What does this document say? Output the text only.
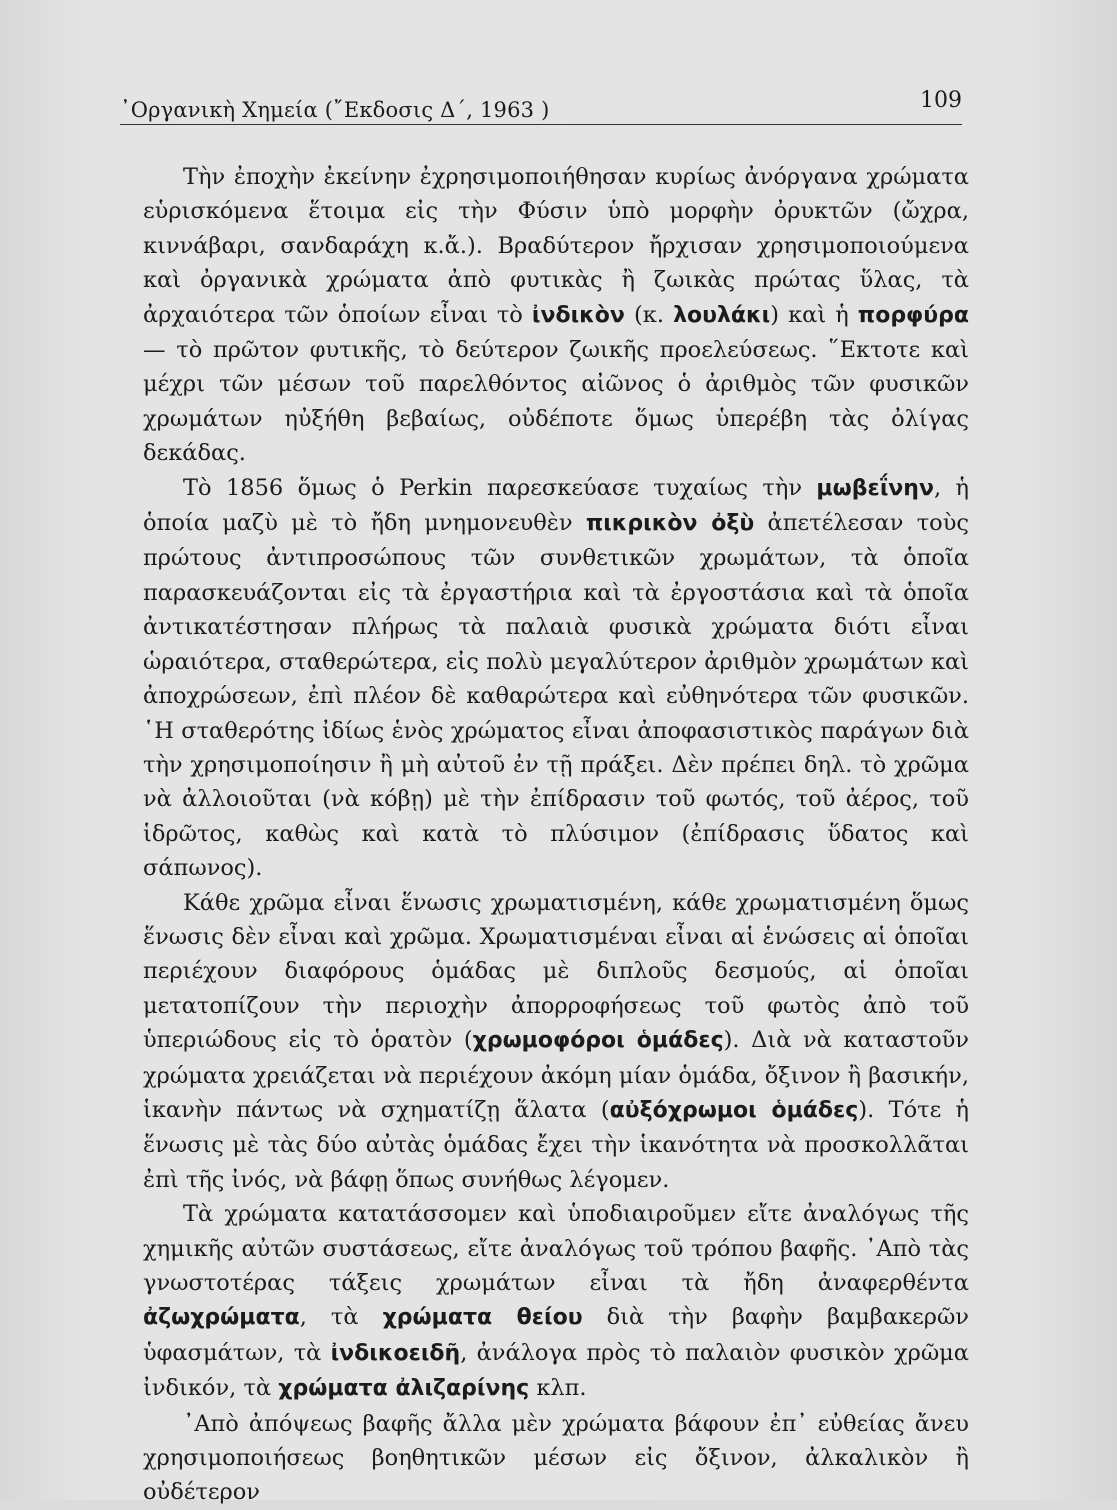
᾿Οργανικὴ Χημεία (῎Εκδοσις Δ΄, 1963 )	109

Τὴν ἐποχὴν ἐκείνην ἐχρησιμοποιήθησαν κυρίως ἀνόργανα χρώματα εὑρισκόμενα ἕτοιμα εἰς τὴν Φύσιν ὑπὸ μορφὴν ὀρυκτῶν (ὤχρα, κιννάβαρι, σανδαράχη κ.ἄ.). Βραδύτερον ἤρχισαν χρησιμοποιούμενα καὶ ὀργανικὰ χρώματα ἀπὸ φυτικὰς ἢ ζωικὰς πρώτας ὕλας, τὰ ἀρχαιότερα τῶν ὁποίων εἶναι τὸ ἰνδικὸν (κ. λουλάκι) καὶ ἡ πορφύρα — τὸ πρῶτον φυτικῆς, τὸ δεύτερον ζωικῆς προελεύσεως. ῞Εκτοτε καὶ μέχρι τῶν μέσων τοῦ παρελθόντος αἰῶνος ὁ ἀριθμὸς τῶν φυσικῶν χρωμάτων ηὐξήθη βεβαίως, οὐδέποτε ὅμως ὑπερέβη τὰς ὀλίγας δεκάδας.

Τὸ 1856 ὅμως ὁ Perkin παρεσκεύασε τυχαίως τὴν μωβεΐνην, ἡ ὁποία μαζὺ μὲ τὸ ἤδη μνημονευθὲν πικρικὸν ὀξὺ ἀπετέλεσαν τοὺς πρώτους ἀντιπροσώπους τῶν συνθετικῶν χρωμάτων, τὰ ὁποῖα παρασκευάζονται εἰς τὰ ἐργαστήρια καὶ τὰ ἐργοστάσια καὶ τὰ ὁποῖα ἀντικατέστησαν πλήρως τὰ παλαιὰ φυσικὰ χρώματα διότι εἶναι ὡραιότερα, σταθερώτερα, εἰς πολὺ μεγαλύτερον ἀριθμὸν χρωμάτων καὶ ἀποχρώσεων, ἐπὶ πλέον δὲ καθαρώτερα καὶ εὐθηνότερα τῶν φυσικῶν. ῾Η σταθερότης ἰδίως ἑνὸς χρώματος εἶναι ἀποφασιστικὸς παράγων διὰ τὴν χρησιμοποίησιν ἢ μὴ αὐτοῦ ἐν τῇ πράξει. Δὲν πρέπει δηλ. τὸ χρῶμα νὰ ἀλλοιοῦται (νὰ κόβῃ) μὲ τὴν ἐπίδρασιν τοῦ φωτός, τοῦ ἀέρος, τοῦ ἱδρῶτος, καθὼς καὶ κατὰ τὸ πλύσιμον (ἐπίδρασις ὕδατος καὶ σάπωνος).

Κάθε χρῶμα εἶναι ἕνωσις χρωματισμένη, κάθε χρωματισμένη ὅμως ἕνωσις δὲν εἶναι καὶ χρῶμα. Χρωματισμέναι εἶναι αἱ ἑνώσεις αἱ ὁποῖαι περιέχουν διαφόρους ὁμάδας μὲ διπλοῦς δεσμούς, αἱ ὁποῖαι μετατοπίζουν τὴν περιοχὴν ἀπορροφήσεως τοῦ φωτὸς ἀπὸ τοῦ ὑπεριώδους εἰς τὸ ὁρατὸν (χρωμοφόροι ὁμάδες). Διὰ νὰ καταστοῦν χρώματα χρειάζεται νὰ περιέχουν ἀκόμη μίαν ὁμάδα, ὄξινον ἢ βασικήν, ἱκανὴν πάντως νὰ σχηματίζῃ ἅλατα (αὐξόχρωμοι ὁμάδες). Τότε ἡ ἕνωσις μὲ τὰς δύο αὐτὰς ὁμάδας ἔχει τὴν ἱκανότητα νὰ προσκολλᾶται ἐπὶ τῆς ἰνός, νὰ βάφῃ ὅπως συνήθως λέγομεν.

Τὰ χρώματα κατατάσσομεν καὶ ὑποδιαιροῦμεν εἴτε ἀναλόγως τῆς χημικῆς αὐτῶν συστάσεως, εἴτε ἀναλόγως τοῦ τρόπου βαφῆς. ᾿Απὸ τὰς γνωστοτέρας τάξεις χρωμάτων εἶναι τὰ ἤδη ἀναφερθέντα ἀζωχρώματα, τὰ χρώματα θείου διὰ τὴν βαφὴν βαμβακερῶν ὑφασμάτων, τὰ ἰνδικοειδῆ, ἀνάλογα πρὸς τὸ παλαιὸν φυσικὸν χρῶμα ἰνδικόν, τὰ χρώματα ἀλιζαρίνης κλπ.

᾿Απὸ ἀπόψεως βαφῆς ἄλλα μὲν χρώματα βάφουν ἐπ᾿ εὐθείας ἄνευ χρησιμοποιήσεως βοηθητικῶν μέσων εἰς ὄξινον, ἀλκαλικὸν ἢ οὐδέτερον
